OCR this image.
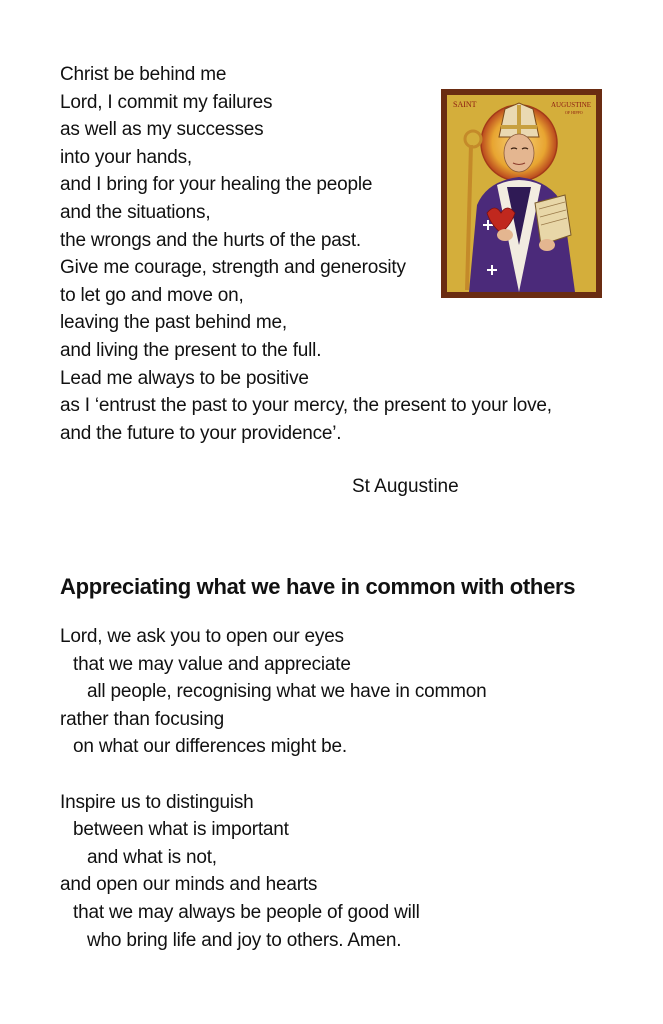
Christ be behind me
Lord, I commit my failures
as well as my successes
into your hands,
and I bring for your healing the people
and the situations,
the wrongs and the hurts of the past.
Give me courage, strength and generosity
to let go and move on,
leaving the past behind me,
and living the present to the full.
Lead me always to be positive
as I ‘entrust the past to your mercy, the present to your love,
and the future to your providence’.
St Augustine
SAINT	AUGUSTINE
OF HIPPO
Appreciating what we have in common with others
Lord, we ask you to open our eyes
that we may value and appreciate
all people, recognising what we have in common
rather than focusing
on what our differences might be.
Inspire us to distinguish
between what is important
and what is not,
and open our minds and hearts
that we may always be people of good will
who bring life and joy to others. Amen.
